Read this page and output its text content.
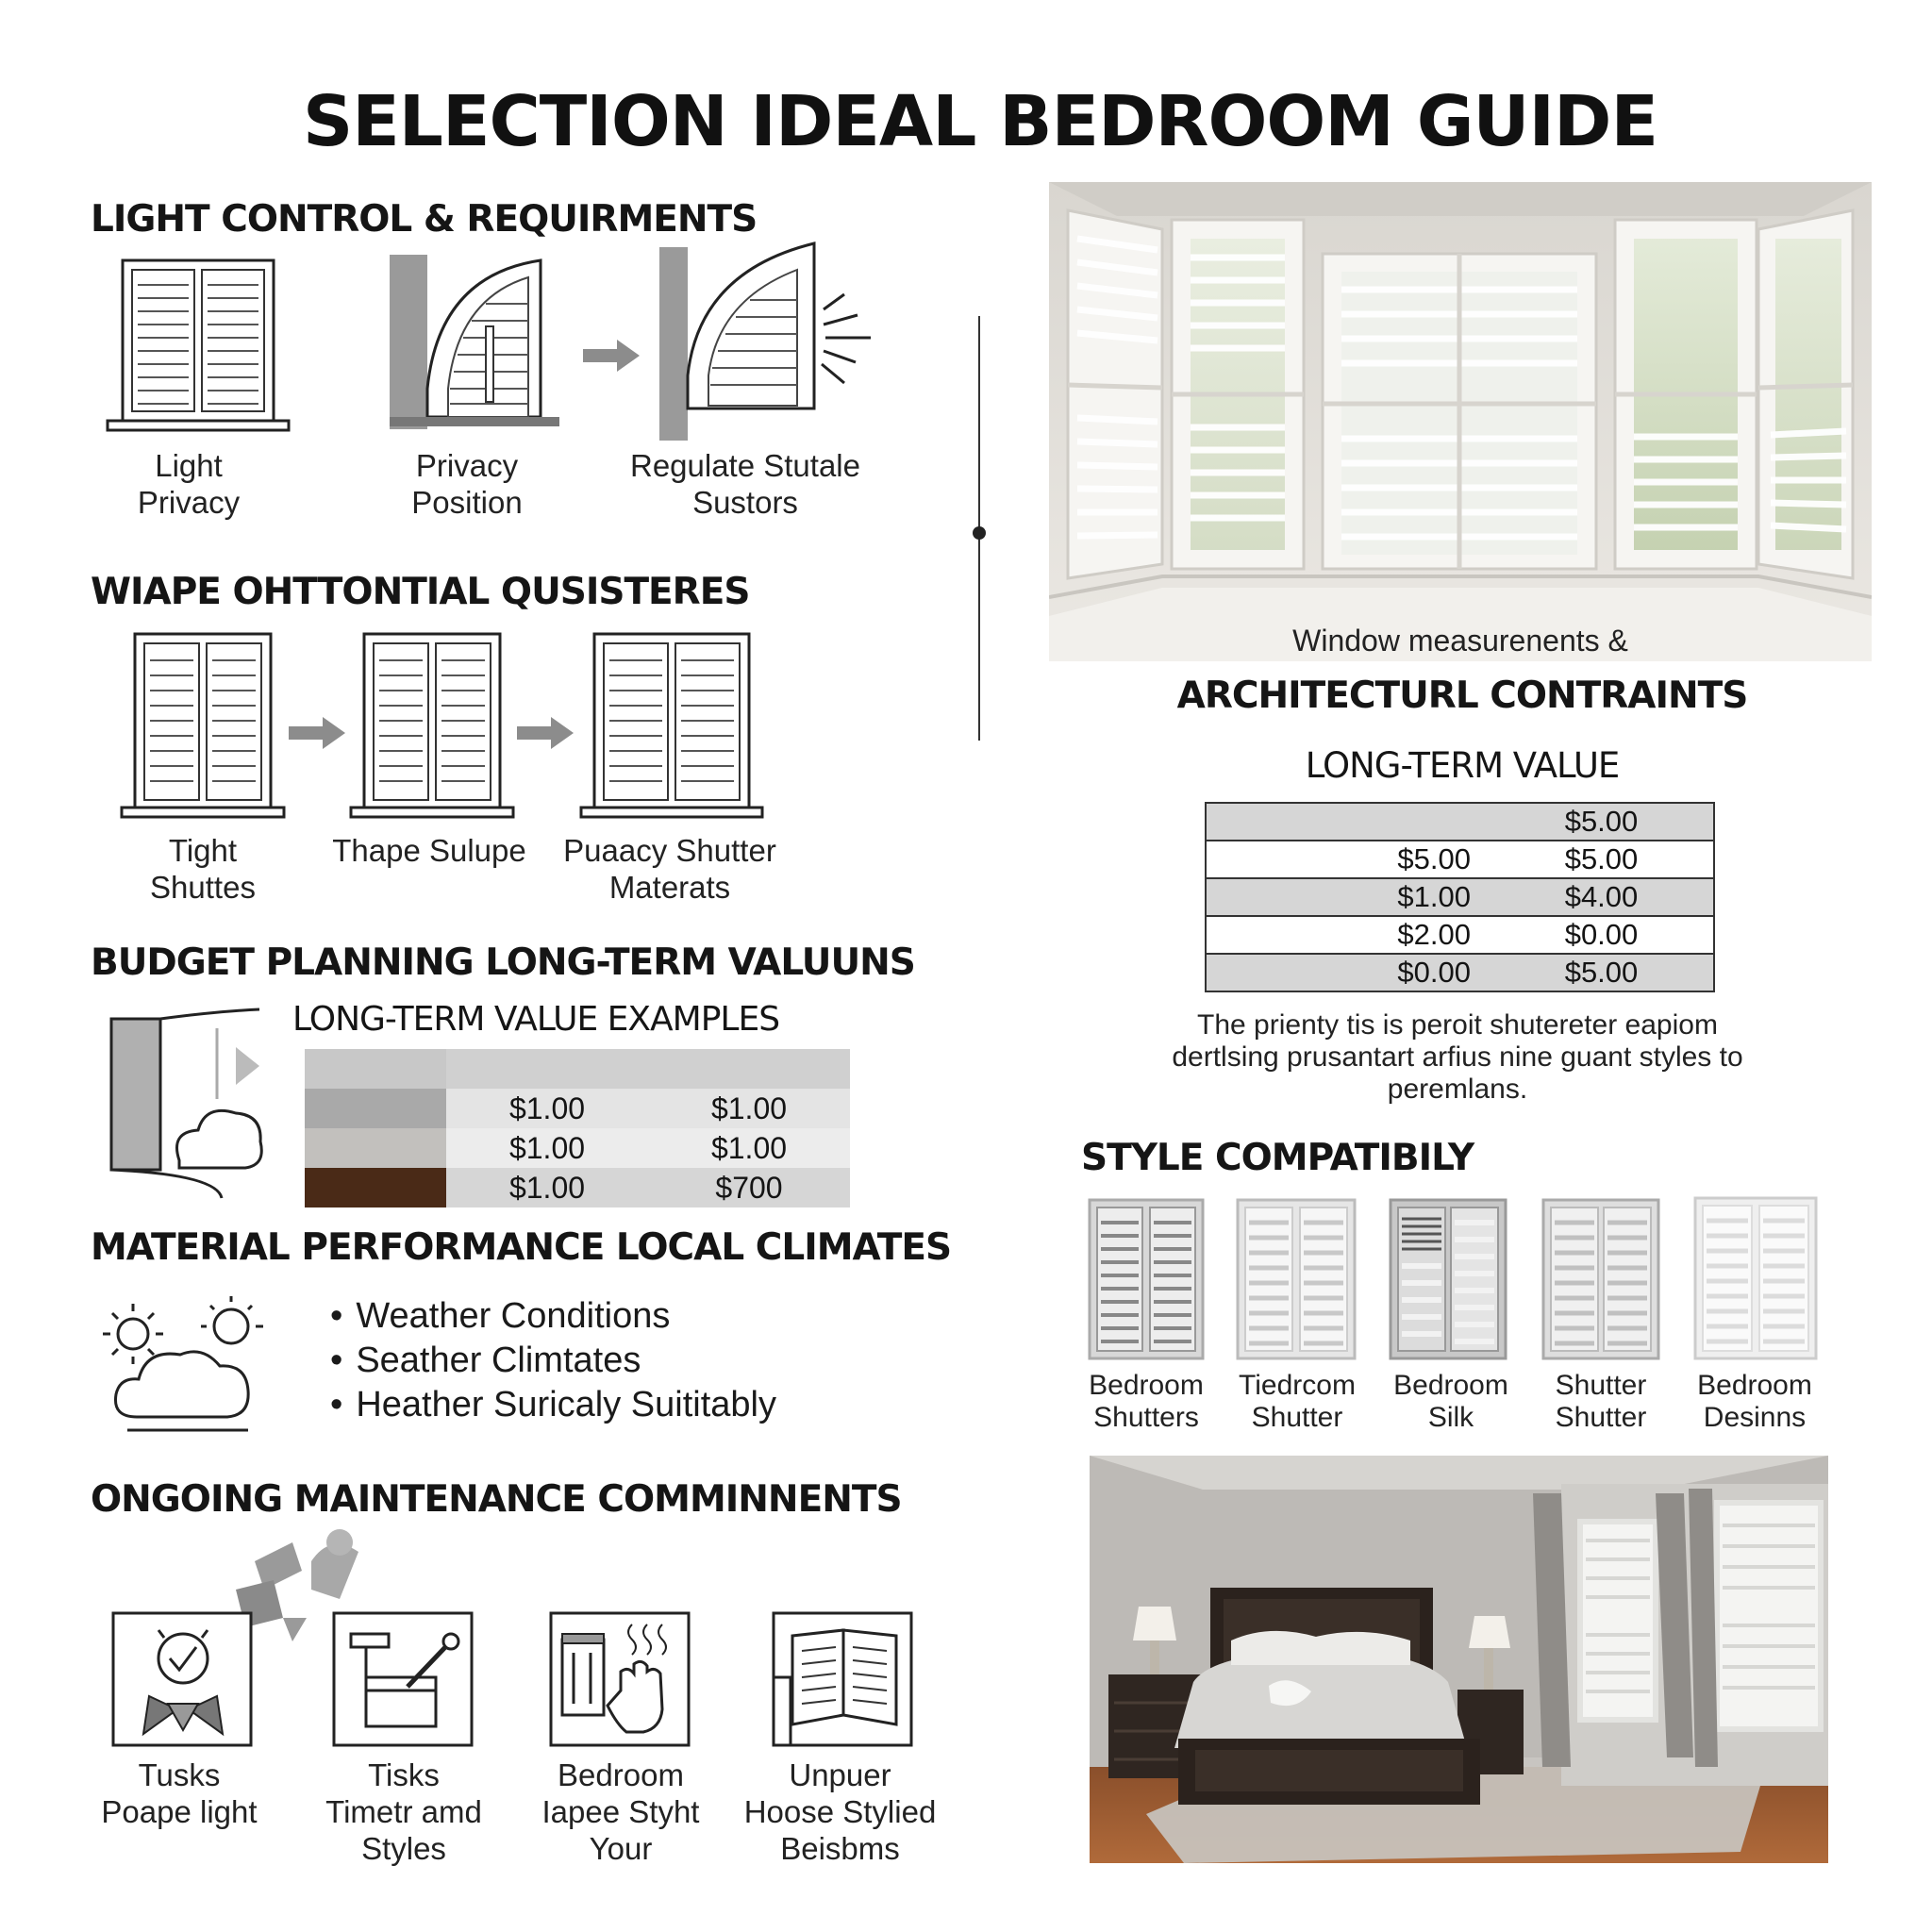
SELECTION IDEAL BEDROOM GUIDE
LIGHT CONTROL & REQUIRMENTS
Light
Privacy
Privacy
Position
Regulate Stutale
Sustors
WIAPE OHTTONTIAL QUSISTERES
Tight
Shuttes
Thape Sulupe	Puaacy Shutter
Materats
BUDGET PLANNING LONG-TERM VALUUNS
LONG-TERM VALUE EXAMPLES

	$1.00	$1.00
	$1.00	$1.00
	$1.00	$700
MATERIAL PERFORMANCE LOCAL CLIMATES
• Weather Conditions
• Seather Climtates
• Heather Suricaly Suititably
ONGOING MAINTENANCE COMMINNENTS
Tusks
Poape light
Tisks
Timetr amd
Styles
Bedroom
Iapee Styht
Your
Unpuer
Hoose Stylied
Beisbms
Window measurenents &
ARCHITECTURL CONTRAINTS
LONG-TERM VALUE
	$5.00
$5.00	$5.00
$1.00	$4.00
$2.00	$0.00
$0.00	$5.00
The prienty tis is peroit shutereter eapiom dertlsing prusantart arfius nine guant styles to peremlans.
STYLE COMPATIBILY
Bedroom
Shutters
Tiedrcom
Shutter
Bedroom
Silk
Shutter
Shutter
Bedroom
Desinns
